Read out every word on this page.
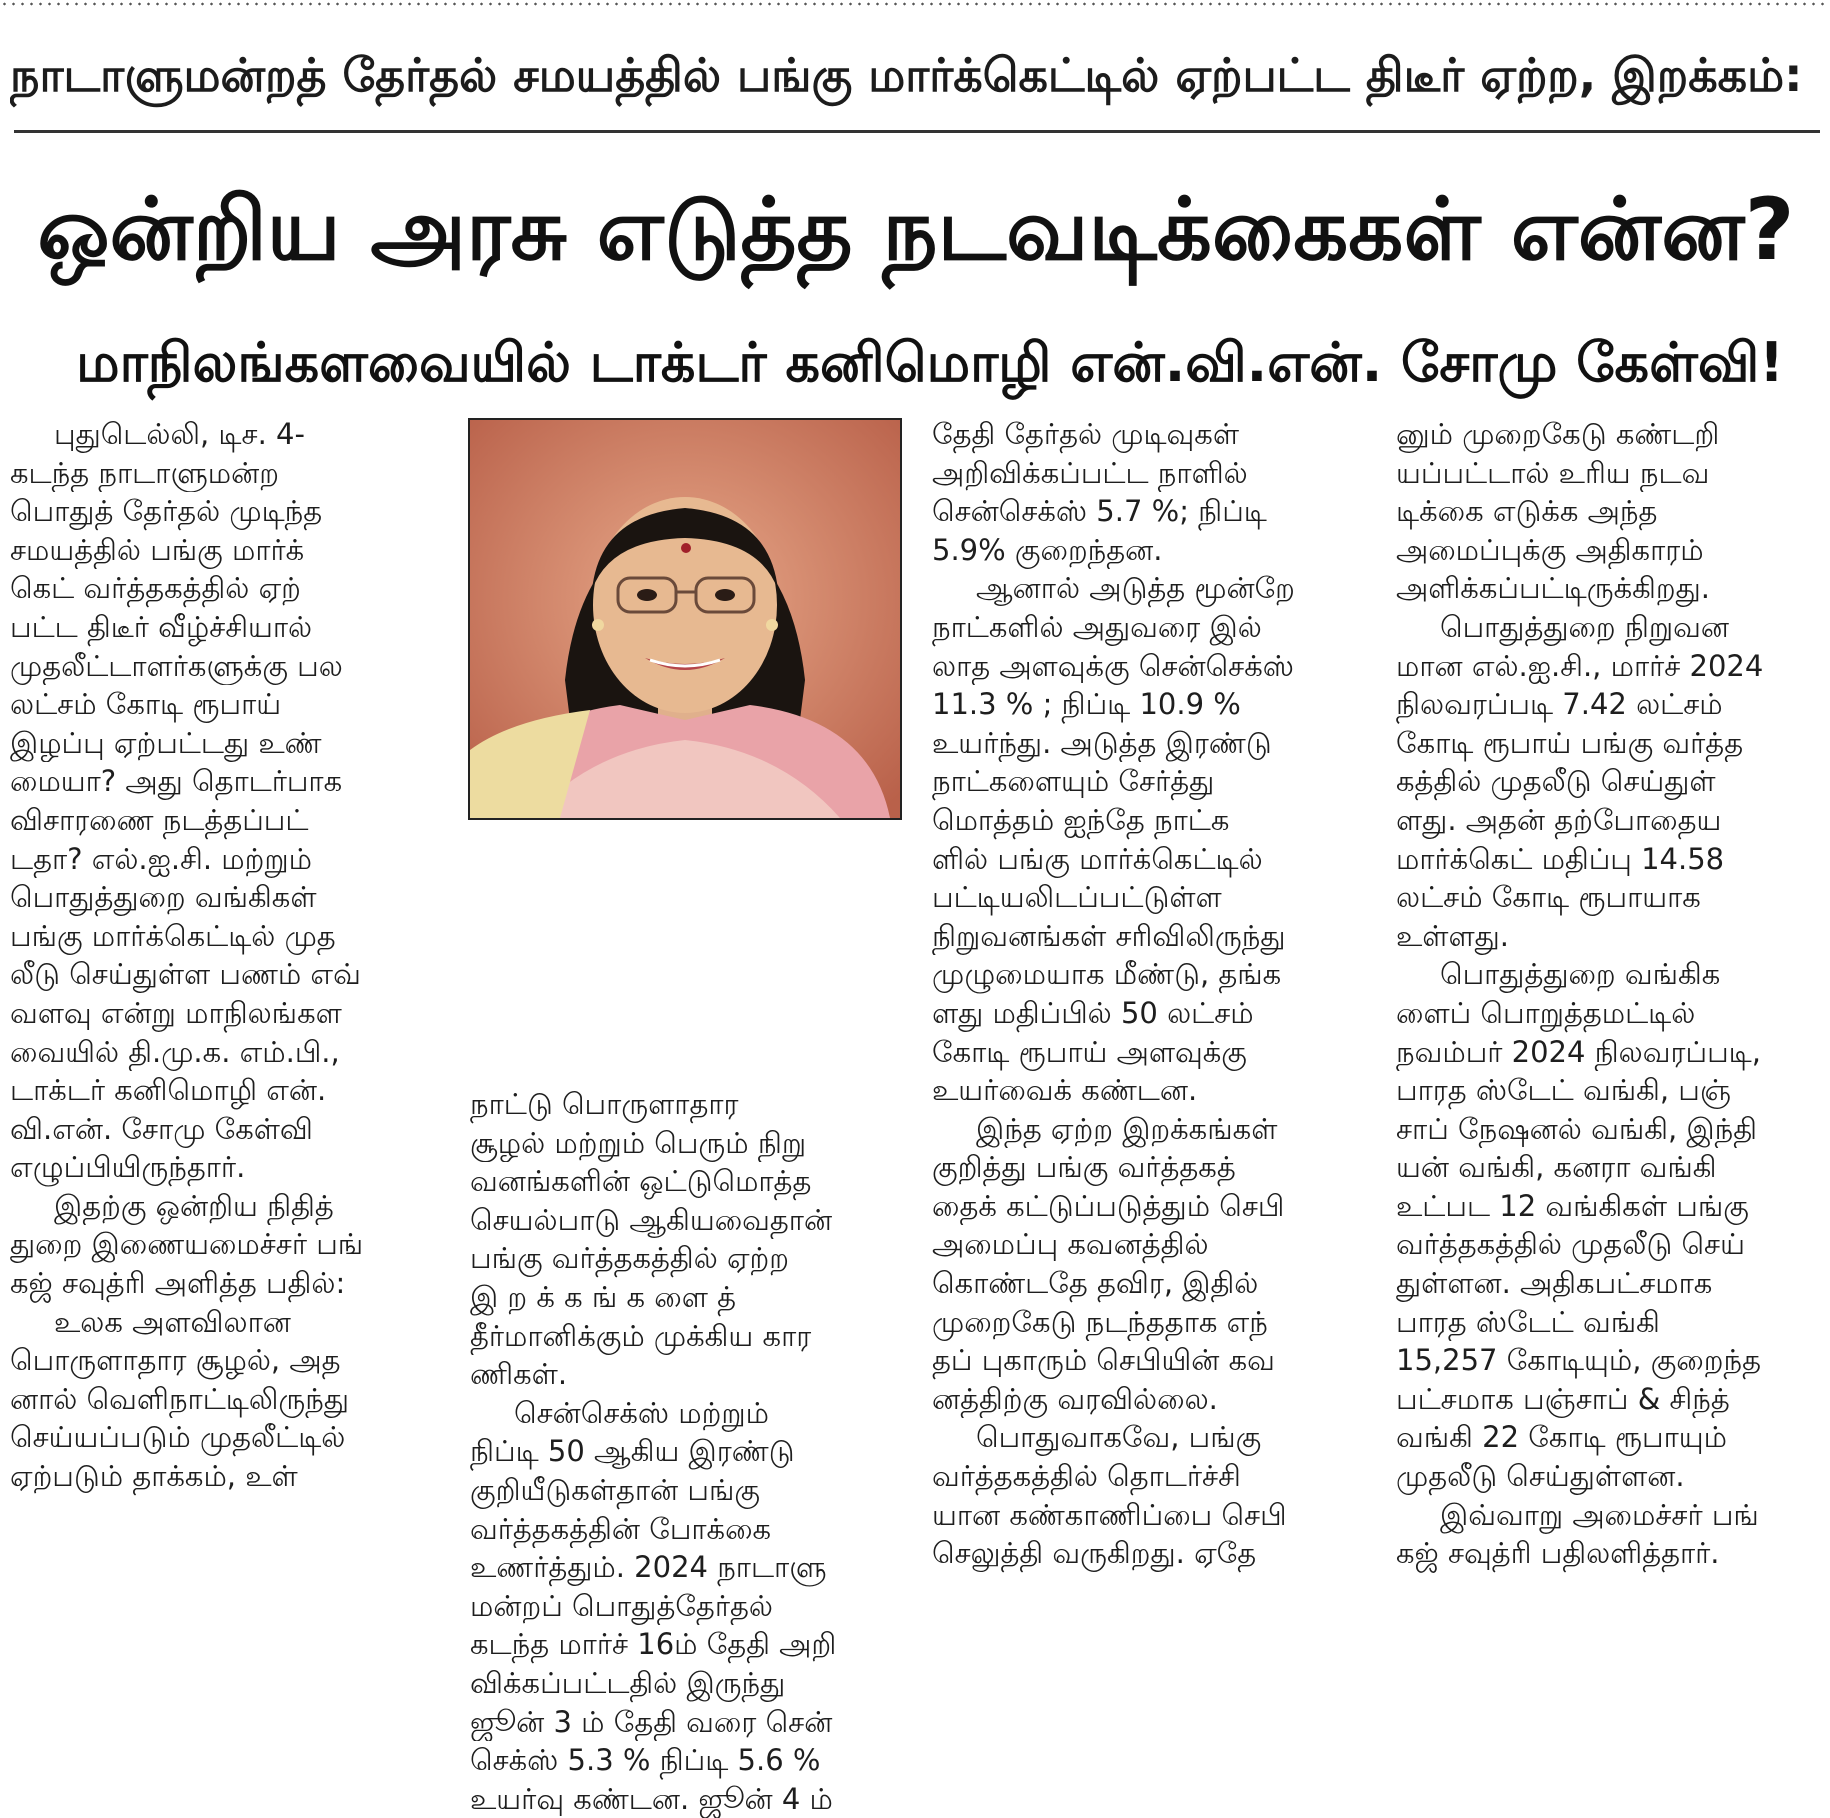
நாடாளுமன்றத் தேர்தல் சமயத்தில் பங்கு மார்க்கெட்டில் ஏற்பட்ட திடீர் ஏற்ற, இறக்கம்:
ஒன்றிய அரசு எடுத்த நடவடிக்கைகள் என்ன?
மாநிலங்களவையில் டாக்டர் கனிமொழி என்.வி.என். சோமு கேள்வி!

புதுடெல்லி, டிச. 4-

கடந்த நாடாளுமன்ற

பொதுத் தேர்தல் முடிந்த

சமயத்தில் பங்கு மார்க்

கெட் வர்த்தகத்தில் ஏற்

பட்ட திடீர் வீழ்ச்சியால்

முதலீட்டாளர்களுக்கு பல

லட்சம் கோடி ரூபாய்

இழப்பு ஏற்பட்டது உண்

மையா? அது தொடர்பாக

விசாரணை நடத்தப்பட்

டதா? எல்.ஐ.சி. மற்றும்

பொதுத்துறை வங்கிகள்

பங்கு மார்க்கெட்டில் முத

லீடு செய்துள்ள பணம் எவ்

வளவு என்று மாநிலங்கள

வையில் தி.மு.க. எம்.பி.,

டாக்டர் கனிமொழி என்.

வி.என். சோமு கேள்வி

எழுப்பியிருந்தார்.

இதற்கு ஒன்றிய நிதித்

துறை இணையமைச்சர் பங்

கஜ் சவுத்ரி அளித்த பதில்:

உலக அளவிலான

பொருளாதார சூழல், அத

னால் வெளிநாட்டிலிருந்து

செய்யப்படும் முதலீட்டில்

ஏற்படும் தாக்கம், உள்

நாட்டு பொருளாதார

சூழல் மற்றும் பெரும் நிறு

வனங்களின் ஒட்டுமொத்த

செயல்பாடு ஆகியவைதான்

பங்கு வர்த்தகத்தில் ஏற்ற

இ ற க் க ங் க ளை த்

தீர்மானிக்கும் முக்கிய கார

ணிகள்.

சென்செக்ஸ் மற்றும்

நிப்டி 50 ஆகிய இரண்டு

குறியீடுகள்தான் பங்கு

வர்த்தகத்தின் போக்கை

உணர்த்தும். 2024 நாடாளு

மன்றப் பொதுத்தேர்தல்

கடந்த மார்ச் 16ம் தேதி அறி

விக்கப்பட்டதில் இருந்து

ஜூன் 3 ம் தேதி வரை சென்

செக்ஸ் 5.3 % நிப்டி 5.6 %

உயர்வு கண்டன. ஜூன் 4 ம்

தேதி தேர்தல் முடிவுகள்

அறிவிக்கப்பட்ட நாளில்

சென்செக்ஸ் 5.7 %; நிப்டி

5.9% குறைந்தன.

ஆனால் அடுத்த மூன்றே

நாட்களில் அதுவரை இல்

லாத அளவுக்கு சென்செக்ஸ்

11.3 % ; நிப்டி 10.9 %

உயர்ந்து. அடுத்த இரண்டு

நாட்களையும் சேர்த்து

மொத்தம் ஐந்தே நாட்க

ளில் பங்கு மார்க்கெட்டில்

பட்டியலிடப்பட்டுள்ள

நிறுவனங்கள் சரிவிலிருந்து

முழுமையாக மீண்டு, தங்க

ளது மதிப்பில் 50 லட்சம்

கோடி ரூபாய் அளவுக்கு

உயர்வைக் கண்டன.

இந்த ஏற்ற இறக்கங்கள்

குறித்து பங்கு வர்த்தகத்

தைக் கட்டுப்படுத்தும் செபி

அமைப்பு கவனத்தில்

கொண்டதே தவிர, இதில்

முறைகேடு நடந்ததாக எந்

தப் புகாரும் செபியின் கவ

னத்திற்கு வரவில்லை.

பொதுவாகவே, பங்கு

வர்த்தகத்தில் தொடர்ச்சி

யான கண்காணிப்பை செபி

செலுத்தி வருகிறது. ஏதே

னும் முறைகேடு கண்டறி

யப்பட்டால் உரிய நடவ

டிக்கை எடுக்க அந்த

அமைப்புக்கு அதிகாரம்

அளிக்கப்பட்டிருக்கிறது.

பொதுத்துறை நிறுவன

மான எல்.ஐ.சி., மார்ச் 2024

நிலவரப்படி 7.42 லட்சம்

கோடி ரூபாய் பங்கு வர்த்த

கத்தில் முதலீடு செய்துள்

ளது. அதன் தற்போதைய

மார்க்கெட் மதிப்பு 14.58

லட்சம் கோடி ரூபாயாக

உள்ளது.

பொதுத்துறை வங்கிக

ளைப் பொறுத்தமட்டில்

நவம்பர் 2024 நிலவரப்படி,

பாரத ஸ்டேட் வங்கி, பஞ்

சாப் நேஷனல் வங்கி, இந்தி

யன் வங்கி, கனரா வங்கி

உட்பட 12 வங்கிகள் பங்கு

வர்த்தகத்தில் முதலீடு செய்

துள்ளன. அதிகபட்சமாக

பாரத ஸ்டேட் வங்கி

15,257 கோடியும், குறைந்த

பட்சமாக பஞ்சாப் & சிந்த்

வங்கி 22 கோடி ரூபாயும்

முதலீடு செய்துள்ளன.

இவ்வாறு அமைச்சர் பங்

கஜ் சவுத்ரி பதிலளித்தார்.
